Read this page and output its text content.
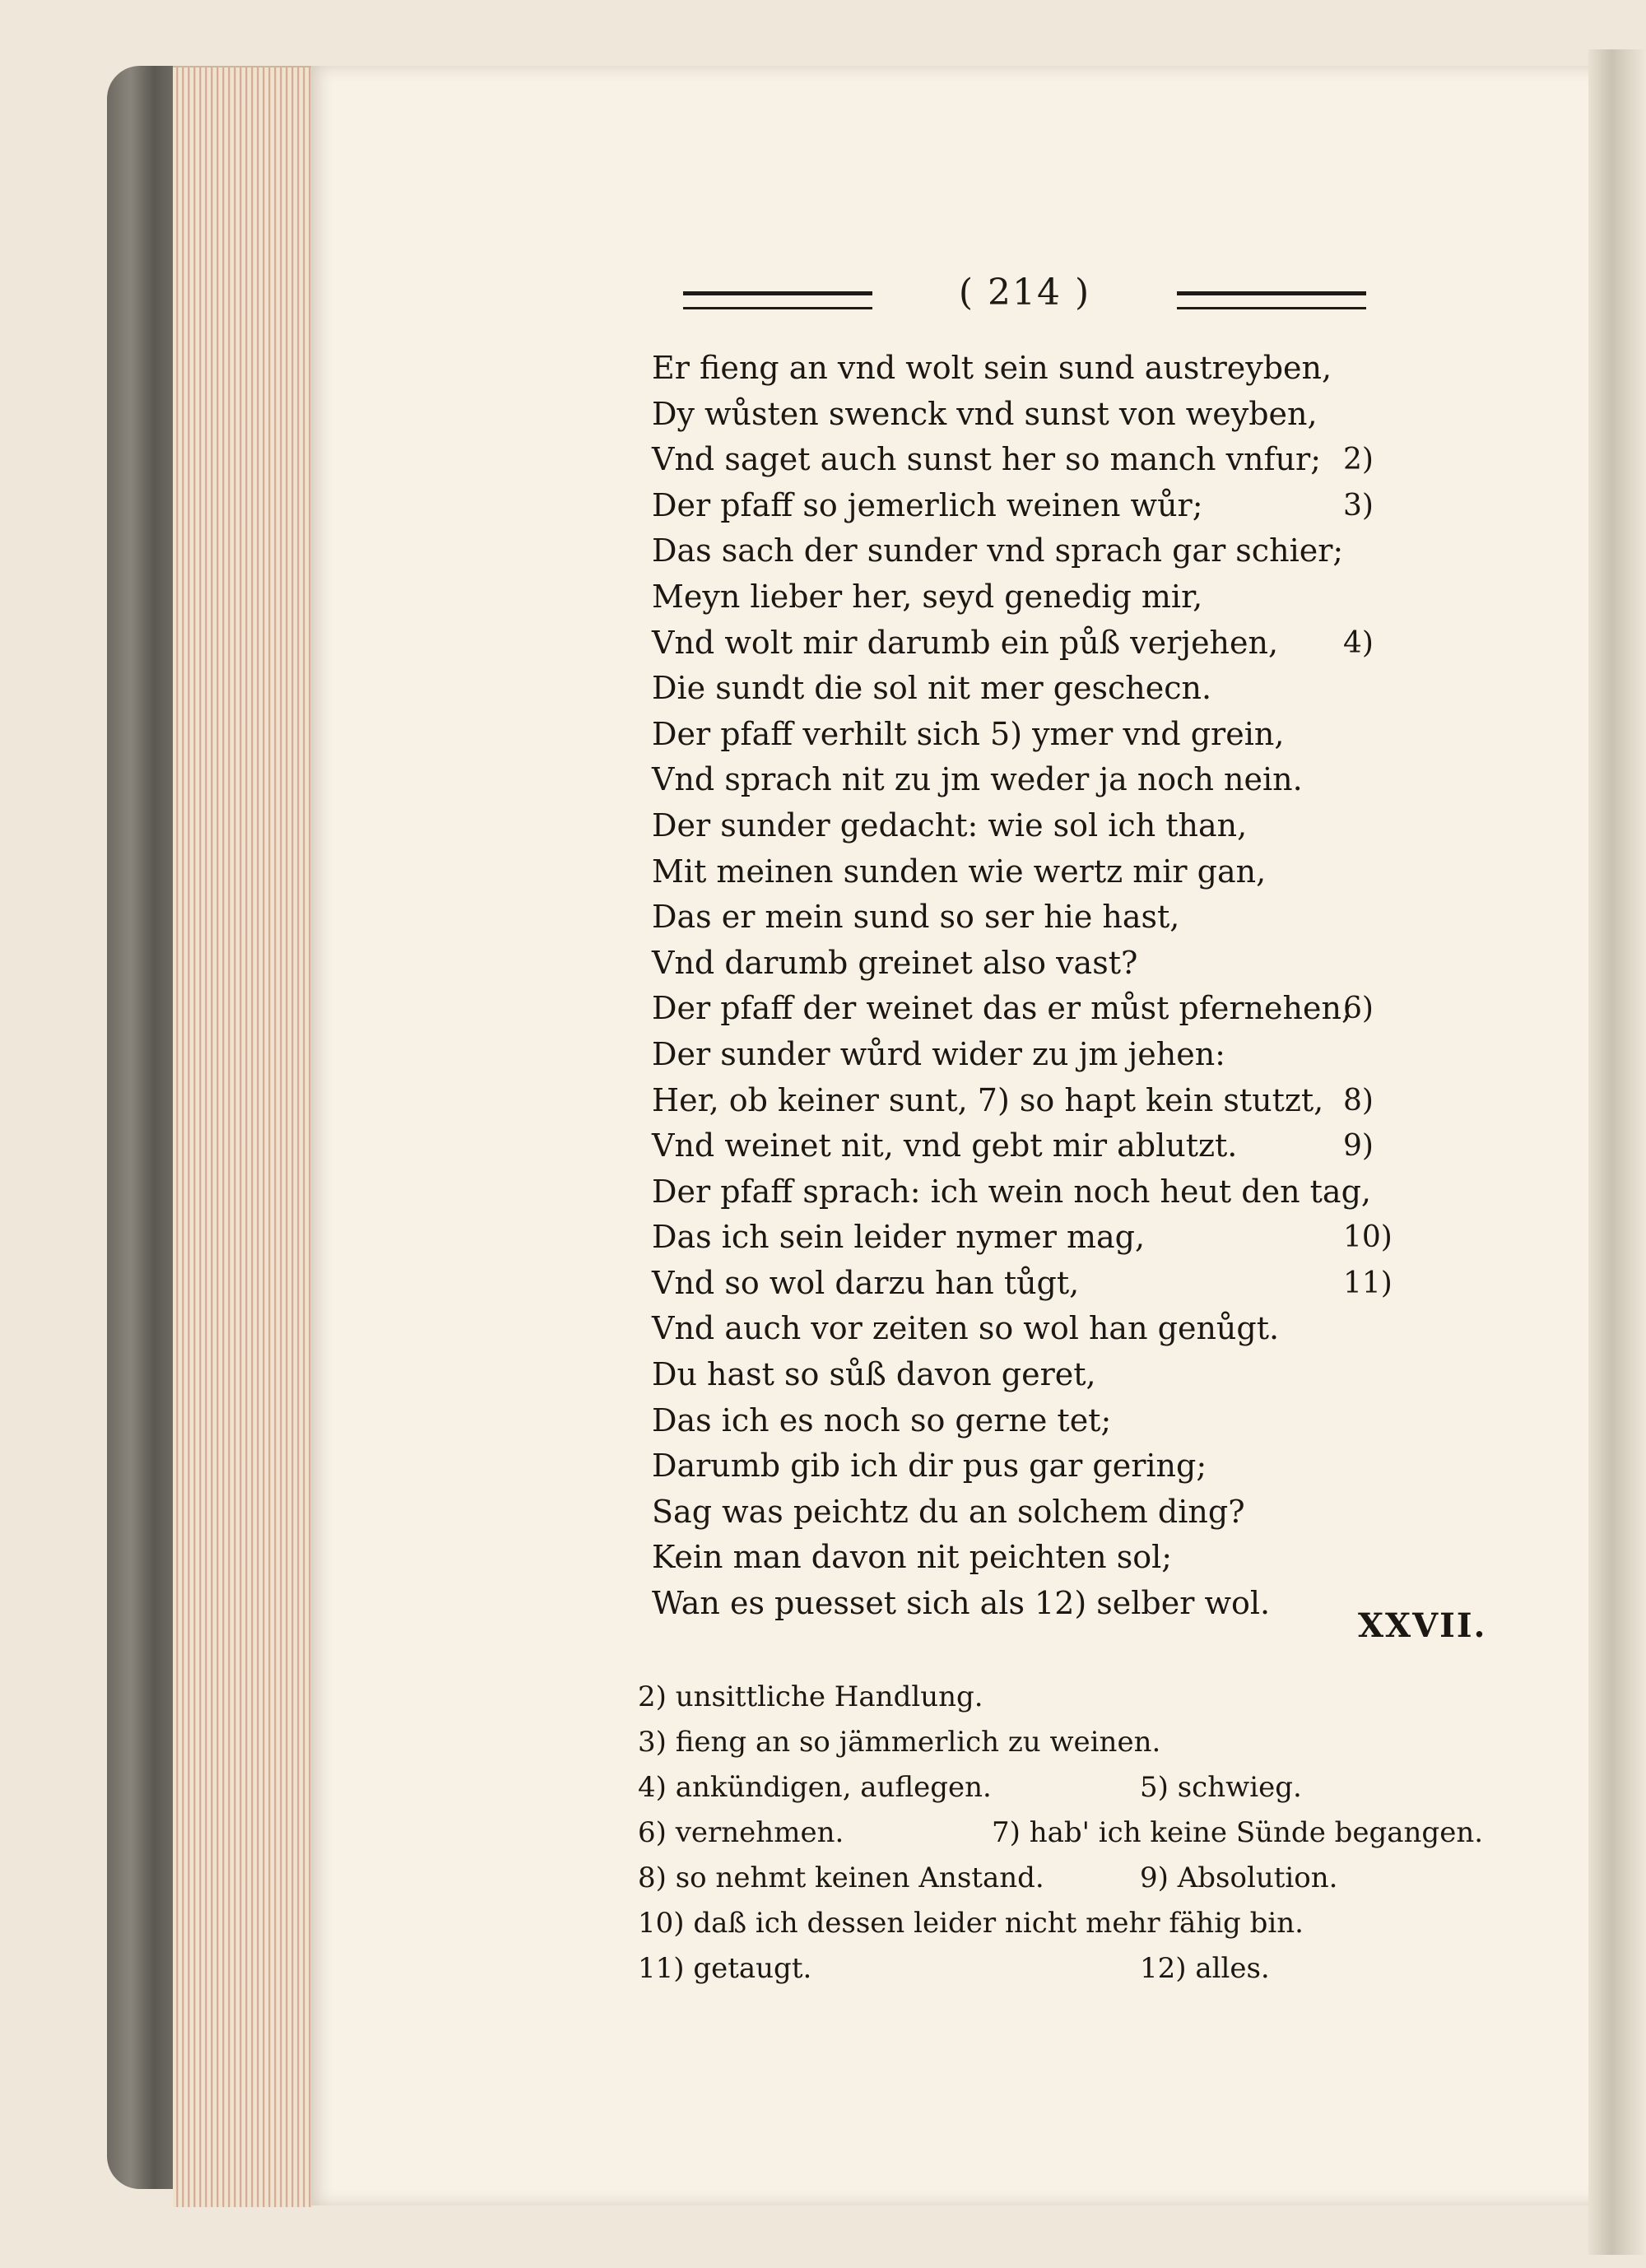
( 214 )
Er fieng an vnd wolt sein sund austreyben,
Dy wůsten swenck vnd sunst von weyben,
Vnd saget auch sunst her so manch vnfur; 2)
Der pfaff so jemerlich weinen wůr;	3)
Das sach der sunder vnd sprach gar schier;
Meyn lieber her, seyd genedig mir,
Vnd wolt mir darumb ein půß verjehen, 4)
Die sundt die sol nit mer geschecn.
Der pfaff verhilt sich 5) ymer vnd grein,
Vnd sprach nit zu jm weder ja noch nein.
Der sunder gedacht: wie sol ich than,
Mit meinen sunden wie wertz mir gan,
Das er mein sund so ser hie hast,
Vnd darumb greinet also vast?
Der pfaff der weinet das er můst pfernehen,
6)
Der sunder wůrd wider zu jm jehen:
Her, ob keiner sunt, 7) so hapt kein stutzt, 8)
Vnd weinet nit, vnd gebt mir ablutzt.	9)
Der pfaff sprach: ich wein noch heut den tag,
Das ich sein leider nymer mag,	10)
Vnd so wol darzu han tůgt,	11)
Vnd auch vor zeiten so wol han genůgt.
Du hast so sůß davon geret,
Das ich es noch so gerne tet;
Darumb gib ich dir pus gar gering;
Sag was peichtz du an solchem ding?
Kein man davon nit peichten sol;
Wan es puesset sich als 12) selber wol.
XXVII.
2) unsittliche Handlung.
3) fieng an so jämmerlich zu weinen.
4) ankündigen, auflegen.	5) schwieg.
6) vernehmen.	7) hab' ich keine Sünde begangen.
8) so nehmt keinen Anstand.	9) Absolution.
10) daß ich dessen leider nicht mehr fähig bin.
11) getaugt.	12) alles.
